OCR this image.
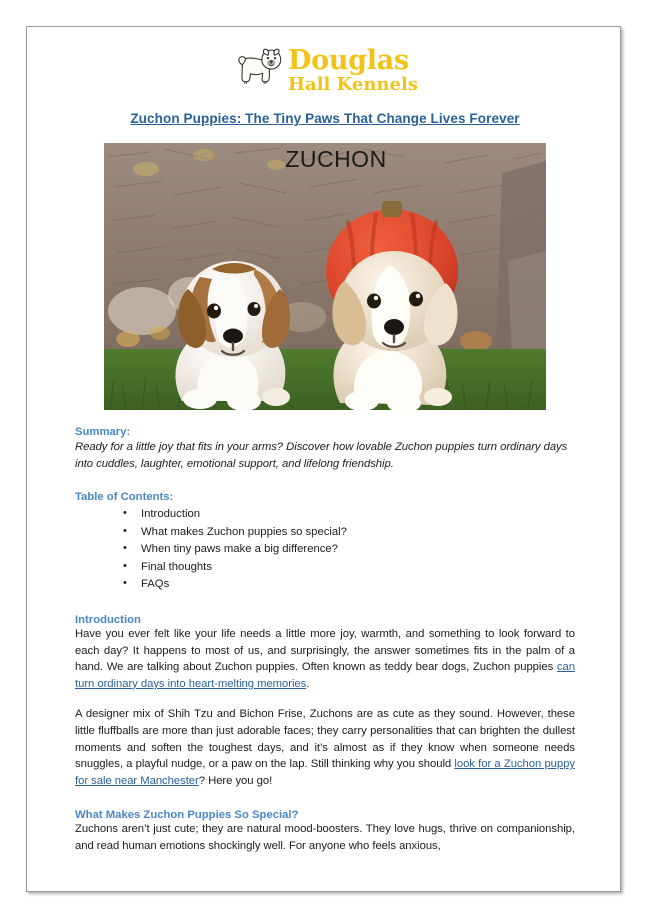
Douglas
Hall Kennels
Zuchon Puppies: The Tiny Paws That Change Lives Forever
ZUCHON
Summary:
Ready for a little joy that fits in your arms? Discover how lovable Zuchon puppies turn ordinary days into cuddles, laughter, emotional support, and lifelong friendship.
Table of Contents:
• Introduction
• What makes Zuchon puppies so special?
• When tiny paws make a big difference?
• Final thoughts
• FAQs
Introduction

Have you ever felt like your life needs a little more joy, warmth, and something to look forward to each day? It happens to most of us, and surprisingly, the answer sometimes fits in the palm of a hand. We are talking about Zuchon puppies. Often known as teddy bear dogs, Zuchon puppies can turn ordinary days into heart-melting memories.

A designer mix of Shih Tzu and Bichon Frise, Zuchons are as cute as they sound. However, these little fluffballs are more than just adorable faces; they carry personalities that can brighten the dullest moments and soften the toughest days, and it’s almost as if they know when someone needs snuggles, a playful nudge, or a paw on the lap. Still thinking why you should look for a Zuchon puppy for sale near Manchester? Here you go!

What Makes Zuchon Puppies So Special?

Zuchons aren’t just cute; they are natural mood-boosters. They love hugs, thrive on companionship, and read human emotions shockingly well. For anyone who feels anxious,
